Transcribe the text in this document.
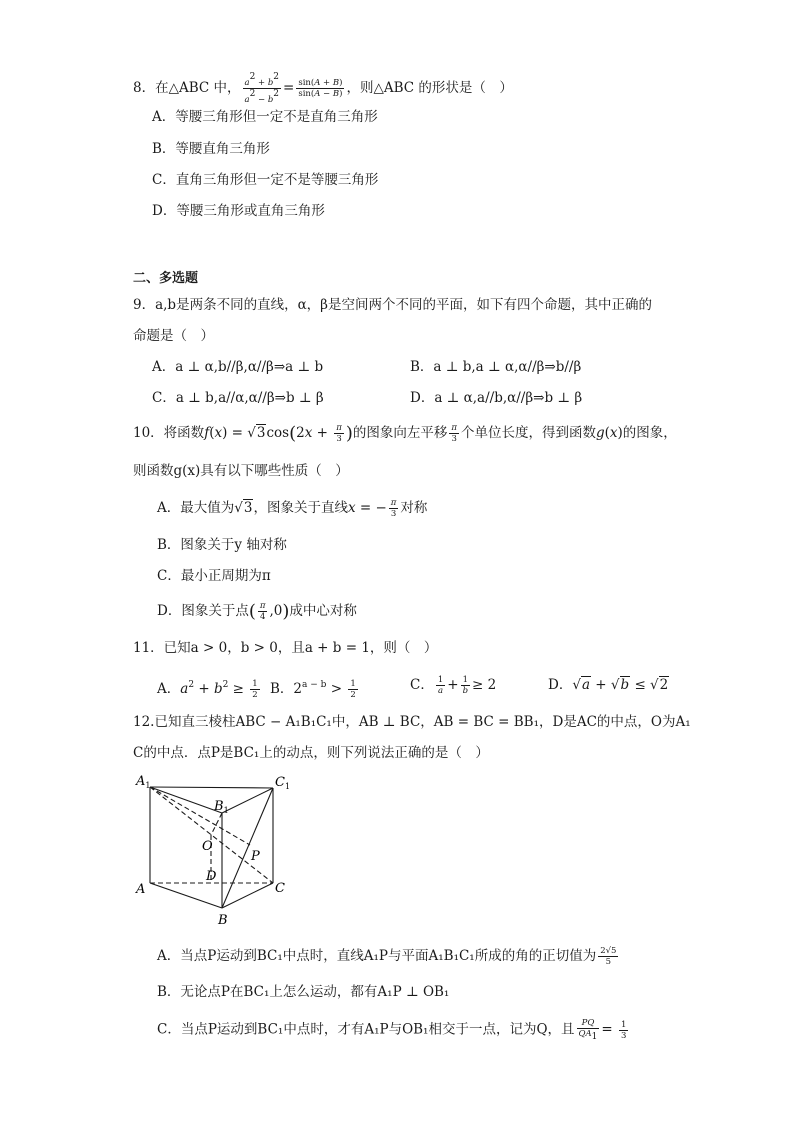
8．在△ABC 中， $\frac{a2 + b2}{a2 - b2} = \frac{\sin(A + B)}{\sin(A - B)}$ ，则△ABC 的形状是（　）
A．等腰三角形但一定不是直角三角形
B．等腰直角三角形
C．直角三角形但一定不是等腰三角形
D．等腰三角形或直角三角形
二、多选题
9．a,b是两条不同的直线，α，β是空间两个不同的平面，如下有四个命题，其中正确的
命题是（　）
A．a ⊥ α,b//β,α//β⇒a ⊥ b	B．a ⊥ b,a ⊥ α,α//β⇒b//β
C．a ⊥ b,a//α,α//β⇒b ⊥ β	D．a ⊥ α,a//b,α//β⇒b ⊥ β
10．将函数$f(x) = √3\cos(2x + \frac{\pi}{3}$ )的图象向左平移 $\frac{\pi}{3}$ 个单位长度，得到函数g(x)的图象，
则函数g(x)具有以下哪些性质（　）
A．最大值为√3，图象关于直线x = − $\frac{\pi}{3}$ 对称
B．图象关于y 轴对称
C．最小正周期为π
D．图象关于点( $\frac{\pi}{4} ,0$)成中心对称
11．已知a > 0，b > 0，且a + b = 1，则（　）
A．$a^2 + b^2 \ge \frac{1}{2}$ B．$2^{a - b} > \frac{1}{2}$	C． $\frac{1}{a} + \frac{1}{b} \ge 2$	D．√a + √b ≤ √2
12.已知直三棱柱ABC − A₁B₁C₁中，AB ⊥ BC，AB = BC = BB₁，D是AC的中点，O为A₁
C的中点．点P是BC₁上的动点，则下列说法正确的是（　）
$A_1$
$B_1$
$C_1$
O
P
D
A
B
C
A．当点P运动到BC₁中点时，直线A₁P与平面A₁B₁C₁所成的角的正切值为 $\frac{2√5}{5}$
B．无论点P在BC₁上怎么运动，都有A₁P ⊥ OB₁
C．当点P运动到BC₁中点时，才有A₁P与OB₁相交于一点，记为Q，且 $\frac{PQ}{QA1} = \frac{1}{3}$
